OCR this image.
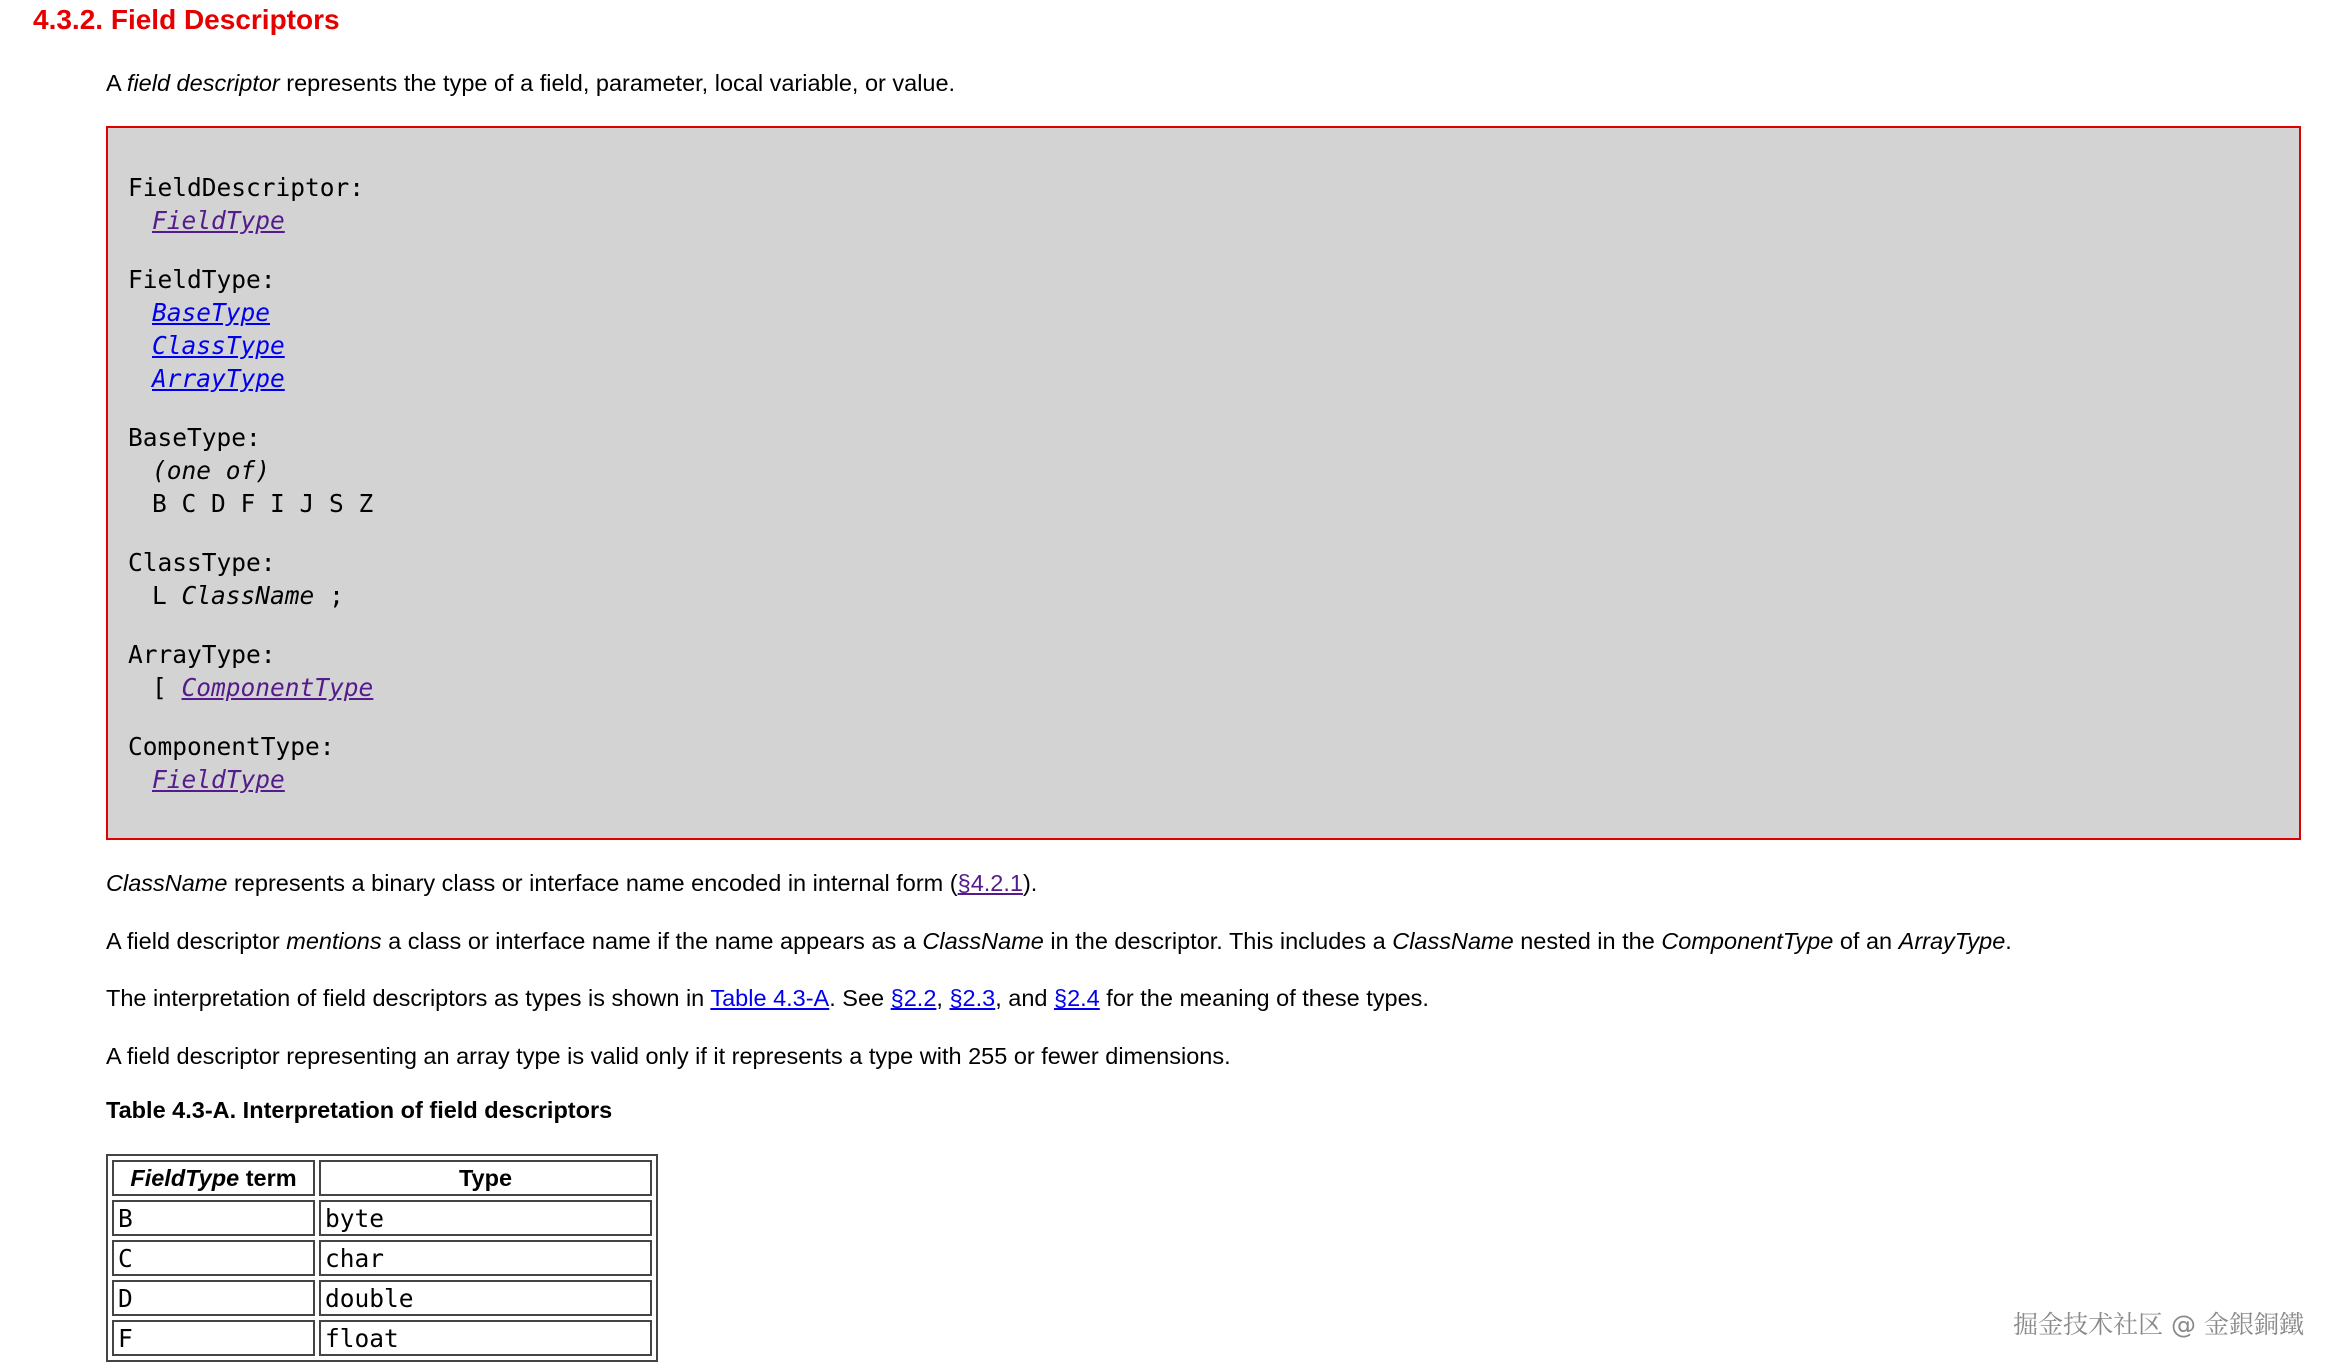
4.3.2. Field Descriptors

A field descriptor represents the type of a field, parameter, local variable, or value.

FieldDescriptor:
FieldType
FieldType:
BaseType
ClassType
ArrayType
BaseType:
(one of)
B C D F I J S Z
ClassType:
L ClassName ;
ArrayType:
[ ComponentType
ComponentType:
FieldType

ClassName represents a binary class or interface name encoded in internal form (§4.2.1).

A field descriptor mentions a class or interface name if the name appears as a ClassName in the descriptor. This includes a ClassName nested in the ComponentType of an ArrayType.

The interpretation of field descriptors as types is shown in Table 4.3-A. See §2.2, §2.3, and §2.4 for the meaning of these types.

A field descriptor representing an array type is valid only if it represents a type with 255 or fewer dimensions.

Table 4.3-A. Interpretation of field descriptors

FieldType term	Type
B	byte
C	char
D	double
F	float	掘金技术社区 @ 金銀銅鐵
